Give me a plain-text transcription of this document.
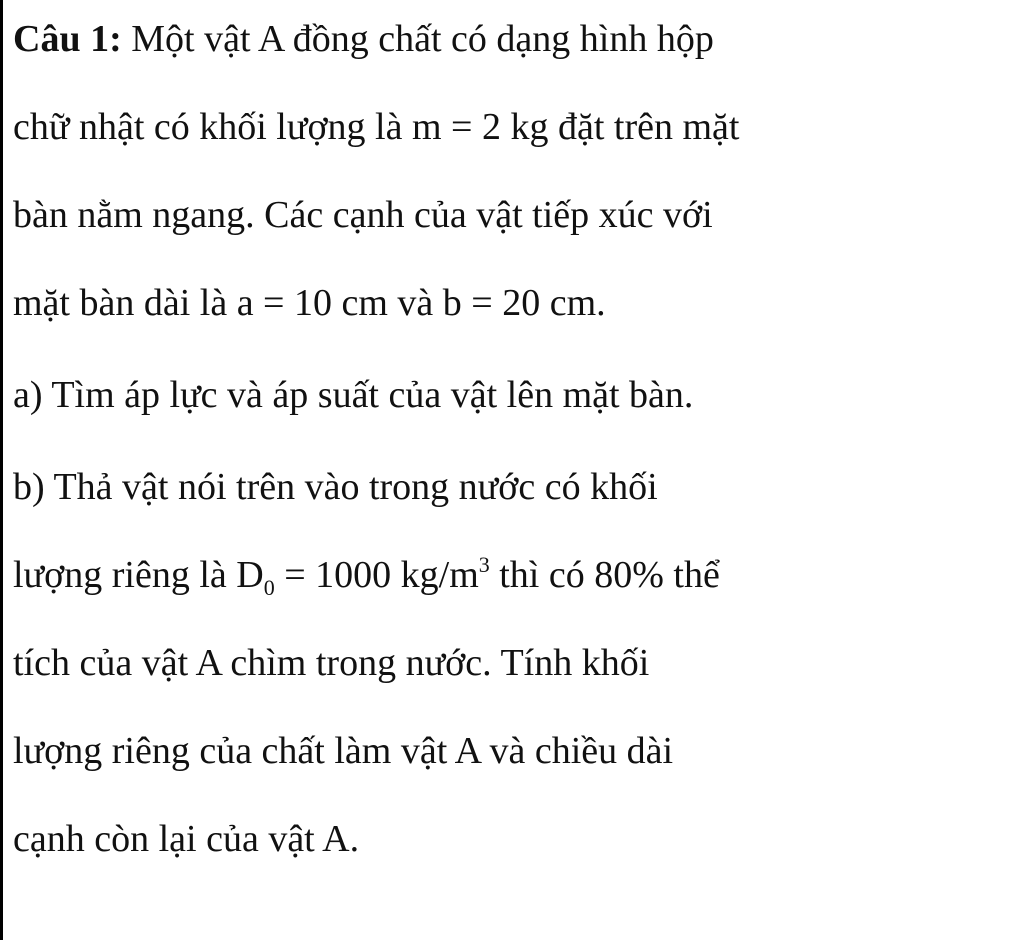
Câu 1: Một vật A đồng chất có dạng hình hộp
chữ nhật có khối lượng là m = 2 kg đặt trên mặt
bàn nằm ngang. Các cạnh của vật tiếp xúc với
mặt bàn dài là a = 10 cm và b = 20 cm.
a) Tìm áp lực và áp suất của vật lên mặt bàn.
b) Thả vật nói trên vào trong nước có khối
lượng riêng là $D_0 = 1000$ $kg/m^3$ thì có 80% thể
tích của vật A chìm trong nước. Tính khối
lượng riêng của chất làm vật A và chiều dài
cạnh còn lại của vật A.
